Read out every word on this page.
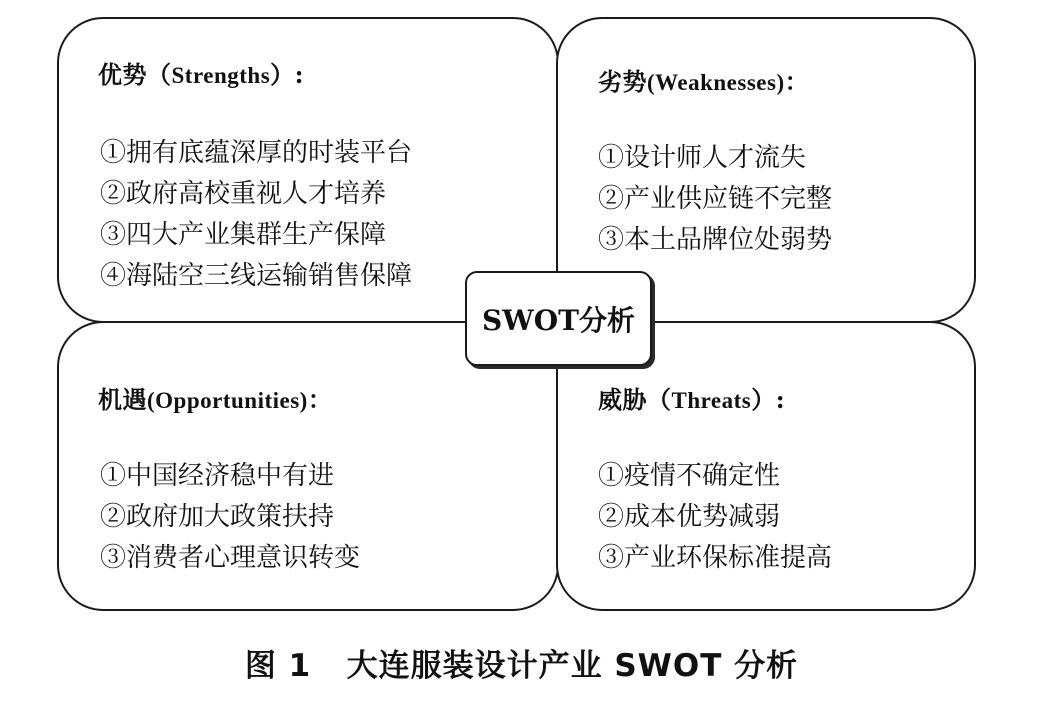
优势（Strengths）:
①拥有底蕴深厚的时装平台
②政府高校重视人才培养
③四大产业集群生产保障
④海陆空三线运输销售保障
劣势(Weaknesses)：
①设计师人才流失
②产业供应链不完整
③本土品牌位处弱势
机遇(Opportunities)：
①中国经济稳中有进
②政府加大政策扶持
③消费者心理意识转变
威胁（Threats）:
①疫情不确定性
②成本优势减弱
③产业环保标准提高
SWOT分析
图 1   大连服装设计产业 SWOT 分析
